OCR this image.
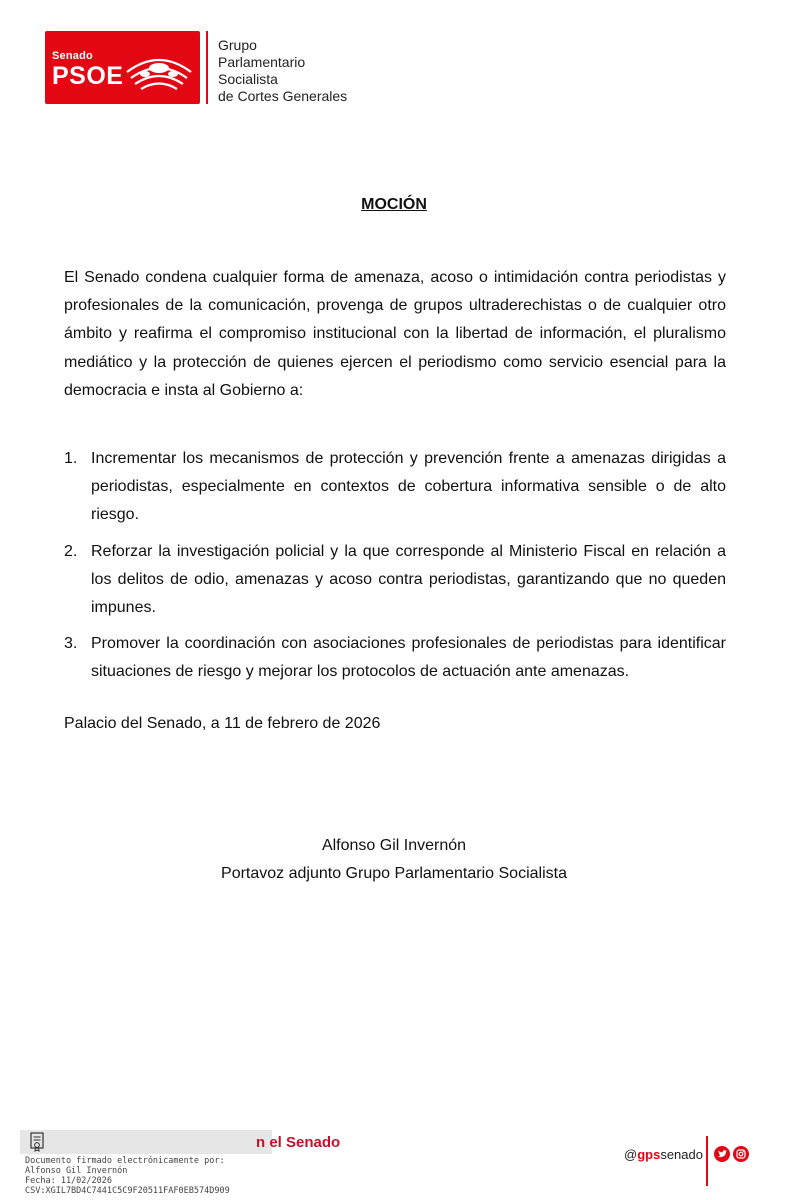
Senado
PSOE
Grupo
Parlamentario
Socialista
de Cortes Generales
MOCIÓN

El Senado condena cualquier forma de amenaza, acoso o intimidación contra periodistas y profesionales de la comunicación, provenga de grupos ultraderechistas o de cualquier otro ámbito y reafirma el compromiso institucional con la libertad de información, el pluralismo mediático y la protección de quienes ejercen el periodismo como servicio esencial para la democracia e insta al Gobierno a:

1. Incrementar los mecanismos de protección y prevención frente a amenazas dirigidas a periodistas, especialmente en contextos de cobertura informativa sensible o de alto riesgo.
2. Reforzar la investigación policial y la que corresponde al Ministerio Fiscal en relación a los delitos de odio, amenazas y acoso contra periodistas, garantizando que no queden impunes.
3. Promover la coordinación con asociaciones profesionales de periodistas para identificar situaciones de riesgo y mejorar los protocolos de actuación ante amenazas.
Palacio del Senado, a 11 de febrero de 2026
Alfonso Gil Invernón
Portavoz adjunto Grupo Parlamentario Socialista
n el Senado
Documento firmado electrónicamente por:
Alfonso Gil Invernón
Fecha: 11/02/2026
CSV:XGIL7BD4C7441C5C9F20511FAF0EB574D909
@gpssenado
